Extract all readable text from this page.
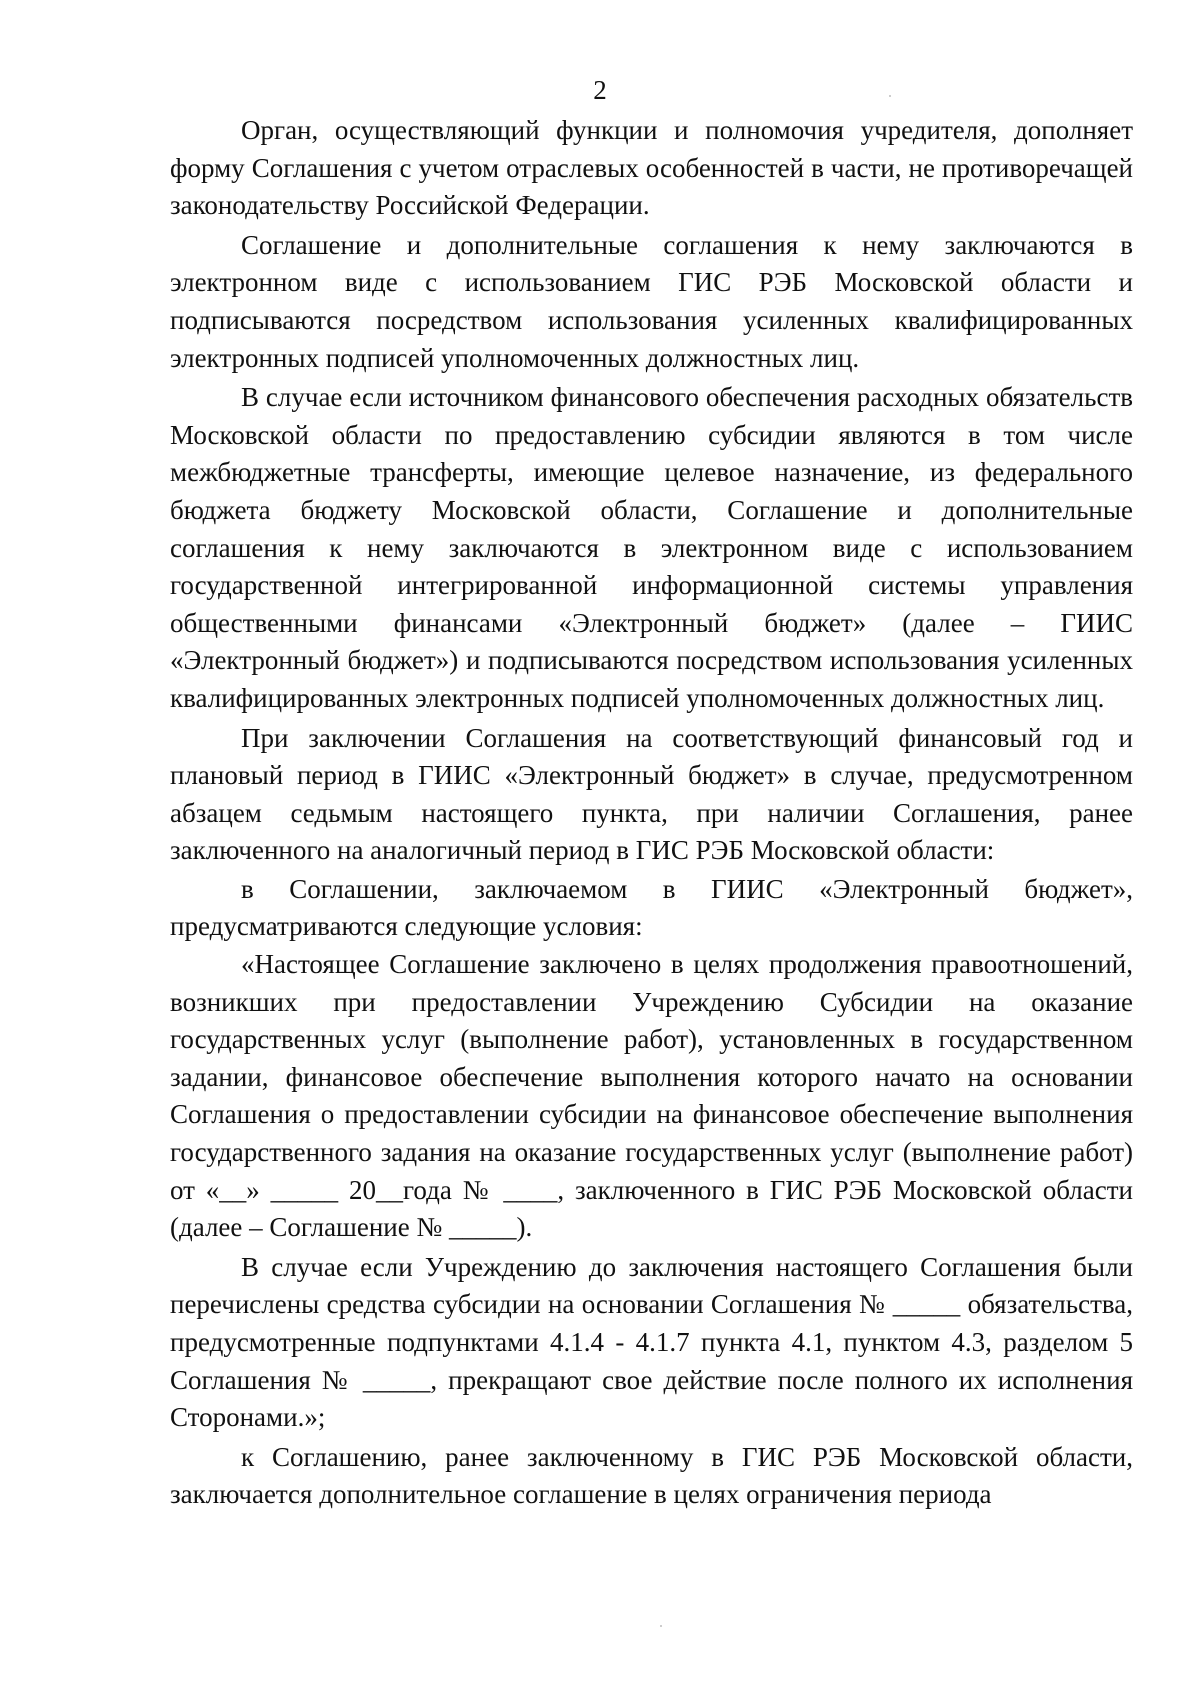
2

Орган, осуществляющий функции и полномочия учредителя, дополняет форму Соглашения с учетом отраслевых особенностей в части, не противоречащей законодательству Российской Федерации.

Соглашение и дополнительные соглашения к нему заключаются в электронном виде с использованием ГИС РЭБ Московской области и подписываются посредством использования усиленных квалифицированных электронных подписей уполномоченных должностных лиц.

В случае если источником финансового обеспечения расходных обязательств Московской области по предоставлению субсидии являются в том числе межбюджетные трансферты, имеющие целевое назначение, из федерального бюджета бюджету Московской области, Соглашение и дополнительные соглашения к нему заключаются в электронном виде с использованием государственной интегрированной информационной системы управления общественными финансами «Электронный бюджет» (далее – ГИИС «Электронный бюджет») и подписываются посредством использования усиленных квалифицированных электронных подписей уполномоченных должностных лиц.

При заключении Соглашения на соответствующий финансовый год и плановый период в ГИИС «Электронный бюджет» в случае, предусмотренном абзацем седьмым настоящего пункта, при наличии Соглашения, ранее заключенного на аналогичный период в ГИС РЭБ Московской области:

в Соглашении, заключаемом в ГИИС «Электронный бюджет», предусматриваются следующие условия:

«Настоящее Соглашение заключено в целях продолжения правоотношений, возникших при предоставлении Учреждению Субсидии на оказание государственных услуг (выполнение работ), установленных в государственном задании, финансовое обеспечение выполнения которого начато на основании Соглашения о предоставлении субсидии на финансовое обеспечение выполнения государственного задания на оказание государственных услуг (выполнение работ) от «__» _____ 20__года № ____, заключенного в ГИС РЭБ Московской области (далее – Соглашение № _____).

В случае если Учреждению до заключения настоящего Соглашения были перечислены средства субсидии на основании Соглашения № _____ обязательства, предусмотренные подпунктами 4.1.4 - 4.1.7 пункта 4.1, пунктом 4.3, разделом 5 Соглашения № _____, прекращают свое действие после полного их исполнения Сторонами.»;

к Соглашению, ранее заключенному в ГИС РЭБ Московской области, заключается дополнительное соглашение в целях ограничения периода
